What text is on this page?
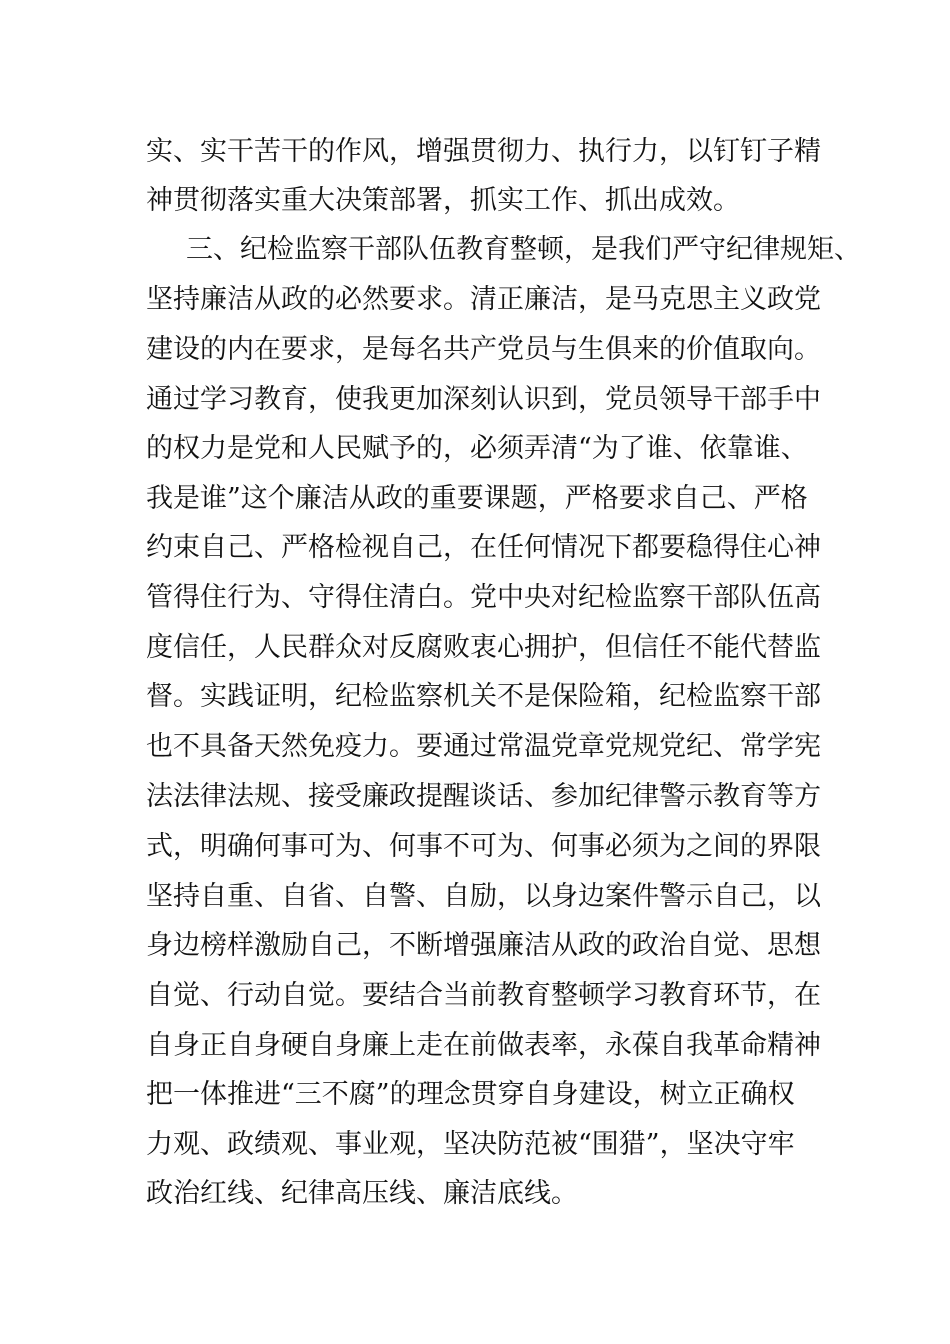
实、实干苦干的作风，增强贯彻力、执行力，以钉钉子精
神贯彻落实重大决策部署，抓实工作、抓出成效。
三、纪检监察干部队伍教育整顿，是我们严守纪律规矩、
坚持廉洁从政的必然要求。清正廉洁，是马克思主义政党
建设的内在要求，是每名共产党员与生俱来的价值取向。
通过学习教育，使我更加深刻认识到，党员领导干部手中
的权力是党和人民赋予的，必须弄清“为了谁、依靠谁、
我是谁”这个廉洁从政的重要课题，严格要求自己、严格
约束自己、严格检视自己，在任何情况下都要稳得住心神
管得住行为、守得住清白。党中央对纪检监察干部队伍高
度信任，人民群众对反腐败衷心拥护，但信任不能代替监
督。实践证明，纪检监察机关不是保险箱，纪检监察干部
也不具备天然免疫力。要通过常温党章党规党纪、常学宪
法法律法规、接受廉政提醒谈话、参加纪律警示教育等方
式，明确何事可为、何事不可为、何事必须为之间的界限
坚持自重、自省、自警、自励，以身边案件警示自己，以
身边榜样激励自己，不断增强廉洁从政的政治自觉、思想
自觉、行动自觉。要结合当前教育整顿学习教育环节，在
自身正自身硬自身廉上走在前做表率，永葆自我革命精神
把一体推进“三不腐”的理念贯穿自身建设，树立正确权
力观、政绩观、事业观，坚决防范被“围猎”，坚决守牢
政治红线、纪律高压线、廉洁底线。
